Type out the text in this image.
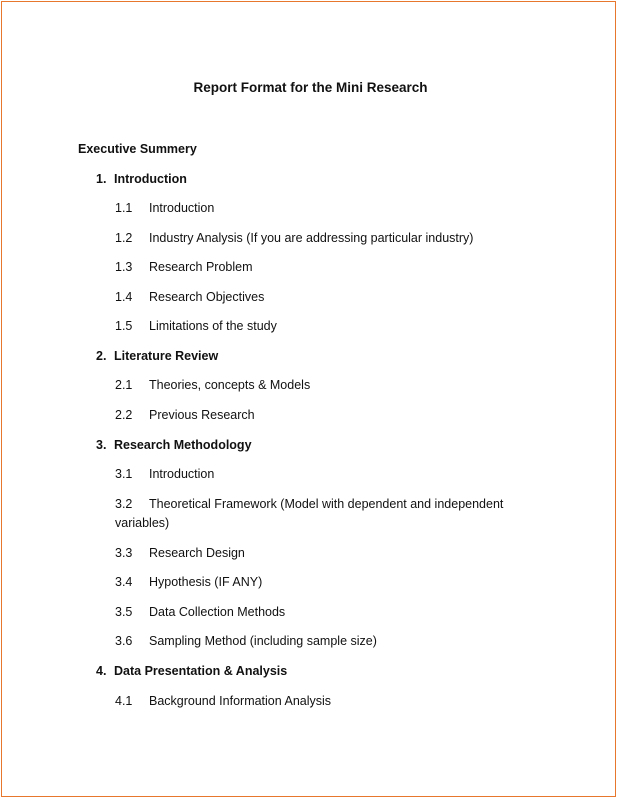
Report Format for the Mini Research
Executive Summery
1. Introduction
1.1 Introduction
1.2 Industry Analysis (If you are addressing particular industry)
1.3 Research Problem
1.4 Research Objectives
1.5 Limitations of the study
2. Literature Review
2.1 Theories, concepts & Models
2.2 Previous Research
3. Research Methodology
3.1 Introduction
3.2 Theoretical Framework (Model with dependent and independent variables)
3.3 Research Design
3.4 Hypothesis (IF ANY)
3.5 Data Collection Methods
3.6 Sampling Method (including sample size)
4. Data Presentation & Analysis
4.1 Background Information Analysis
